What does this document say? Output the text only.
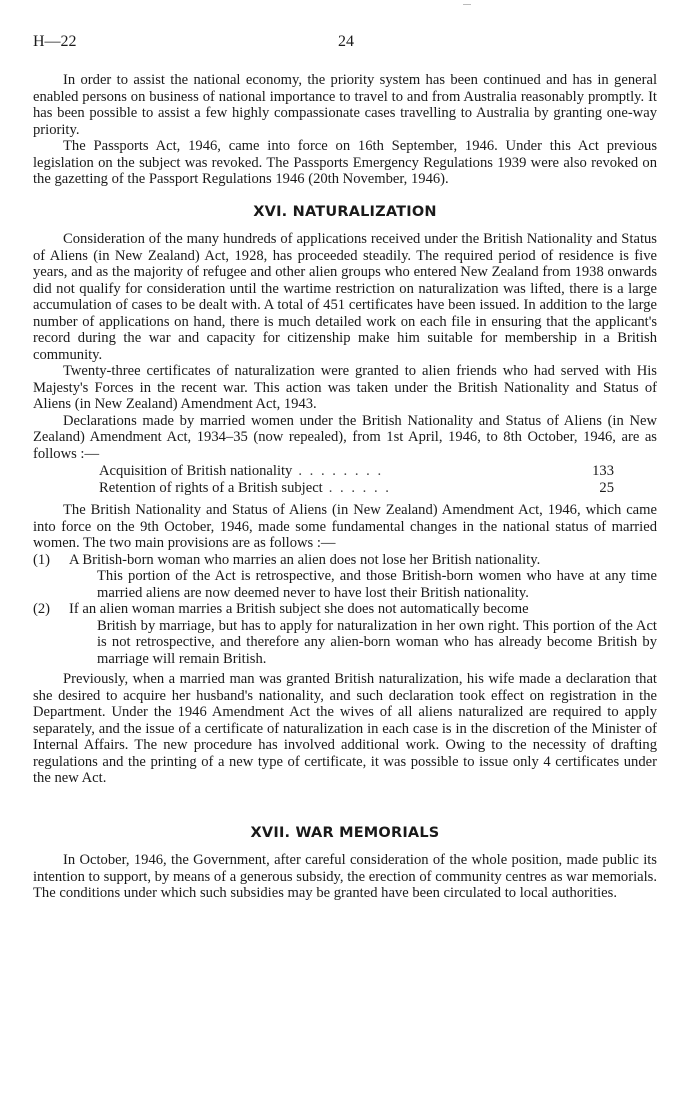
H—22	24

In order to assist the national economy, the priority system has been continued and has in general enabled persons on business of national importance to travel to and from Australia reasonably promptly. It has been possible to assist a few highly compassionate cases travelling to Australia by granting one-way priority.

The Passports Act, 1946, came into force on 16th September, 1946. Under this Act previous legislation on the subject was revoked. The Passports Emergency Regulations 1939 were also revoked on the gazetting of the Passport Regulations 1946 (20th November, 1946).

XVI. NATURALIZATION

Consideration of the many hundreds of applications received under the British Nationality and Status of Aliens (in New Zealand) Act, 1928, has proceeded steadily. The required period of residence is five years, and as the majority of refugee and other alien groups who entered New Zealand from 1938 onwards did not qualify for consideration until the wartime restriction on naturalization was lifted, there is a large accumulation of cases to be dealt with. A total of 451 certificates have been issued. In addition to the large number of applications on hand, there is much detailed work on each file in ensuring that the applicant's record during the war and capacity for citizenship make him suitable for membership in a British community.

Twenty-three certificates of naturalization were granted to alien friends who had served with His Majesty's Forces in the recent war. This action was taken under the British Nationality and Status of Aliens (in New Zealand) Amendment Act, 1943.

Declarations made by married women under the British Nationality and Status of Aliens (in New Zealand) Amendment Act, 1934–35 (now repealed), from 1st April, 1946, to 8th October, 1946, are as follows :—

Acquisition of British nationality . . . . . . . .	133
Retention of rights of a British subject . . . . . .	25

The British Nationality and Status of Aliens (in New Zealand) Amendment Act, 1946, which came into force on the 9th October, 1946, made some fundamental changes in the national status of married women. The two main provisions are as follows :—

(1)	A British-born woman who marries an alien does not lose her British nationality.
This portion of the Act is retrospective, and those British-born women who have at any time married aliens are now deemed never to have lost their British nationality.
(2)	If an alien woman marries a British subject she does not automatically become
British by marriage, but has to apply for naturalization in her own right. This portion of the Act is not retrospective, and therefore any alien-born woman who has already become British by marriage will remain British.

Previously, when a married man was granted British naturalization, his wife made a declaration that she desired to acquire her husband's nationality, and such declaration took effect on registration in the Department. Under the 1946 Amendment Act the wives of all aliens naturalized are required to apply separately, and the issue of a certificate of naturalization in each case is in the discretion of the Minister of Internal Affairs. The new procedure has involved additional work. Owing to the necessity of drafting regulations and the printing of a new type of certificate, it was possible to issue only 4 certificates under the new Act.

XVII. WAR MEMORIALS

In October, 1946, the Government, after careful consideration of the whole position, made public its intention to support, by means of a generous subsidy, the erection of community centres as war memorials. The conditions under which such subsidies may be granted have been circulated to local authorities.
